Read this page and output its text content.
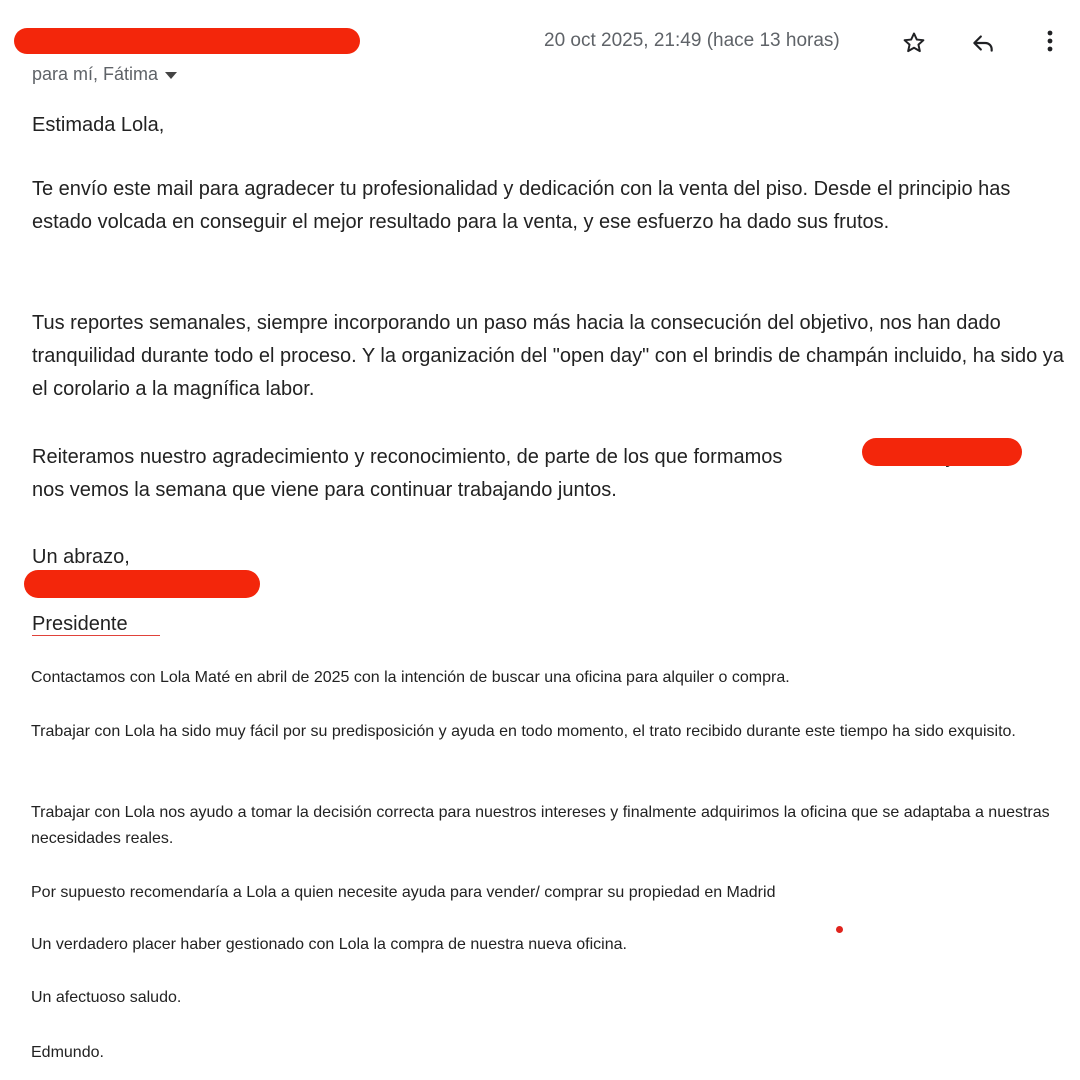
20 oct 2025, 21:49 (hace 13 horas)
para mí, Fátima

Estimada Lola,

Te envío este mail para agradecer tu profesionalidad y dedicación con la venta del piso. Desde el principio has estado volcada en conseguir el mejor resultado para la venta, y ese esfuerzo ha dado sus frutos.

Tus reportes semanales, siempre incorporando un paso más hacia la consecución del objetivo, nos han dado tranquilidad durante todo el proceso. Y la organización del "open day" con el brindis de champán incluido, ha sido ya el corolario a la magnífica labor.

Reiteramos nuestro agradecimiento y reconocimiento, de parte de los que formamos

nos vemos la semana que viene para continuar trabajando juntos.

Un abrazo,

Presidente

Contactamos con Lola Maté en abril de 2025 con la intención de buscar una oficina para alquiler o compra.

Trabajar con Lola ha sido muy fácil por su predisposición y ayuda en todo momento, el trato recibido durante este tiempo ha sido exquisito.

Trabajar con Lola nos ayudo a tomar la decisión correcta para nuestros intereses y finalmente adquirimos la oficina que se adaptaba a nuestras necesidades reales.

Por supuesto recomendaría a Lola a quien necesite ayuda para vender/ comprar su propiedad en Madrid

Un verdadero placer haber gestionado con Lola la compra de nuestra nueva oficina.

Un afectuoso saludo.

Edmundo.
